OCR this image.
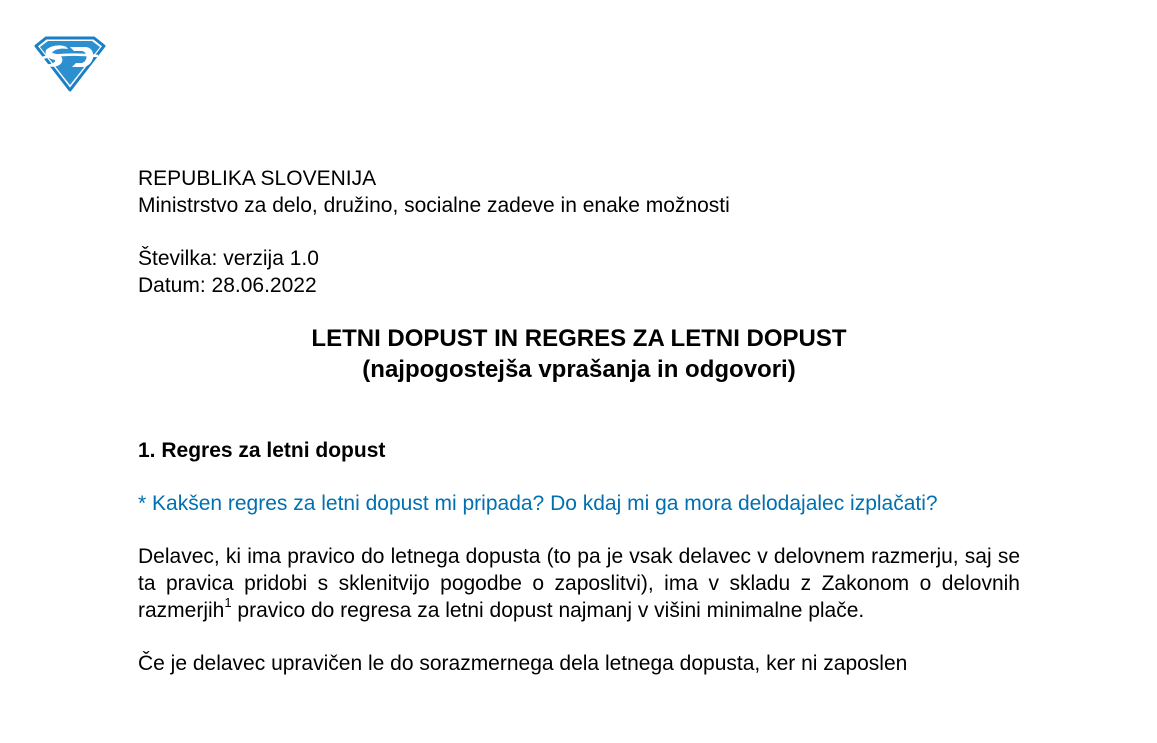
REPUBLIKA SLOVENIJA
Ministrstvo za delo, družino, socialne zadeve in enake možnosti
Številka: verzija 1.0
Datum: 28.06.2022
LETNI DOPUST IN REGRES ZA LETNI DOPUST
(najpogostejša vprašanja in odgovori)
1. Regres za letni dopust
* Kakšen regres za letni dopust mi pripada? Do kdaj mi ga mora delodajalec izplačati?
Delavec, ki ima pravico do letnega dopusta (to pa je vsak delavec v delovnem razmerju, saj se ta pravica pridobi s sklenitvijo pogodbe o zaposlitvi), ima v skladu z Zakonom o delovnih razmerjih$^1$ pravico do regresa za letni dopust najmanj v višini minimalne plače.
Če je delavec upravičen le do sorazmernega dela letnega dopusta, ker ni zaposlen
